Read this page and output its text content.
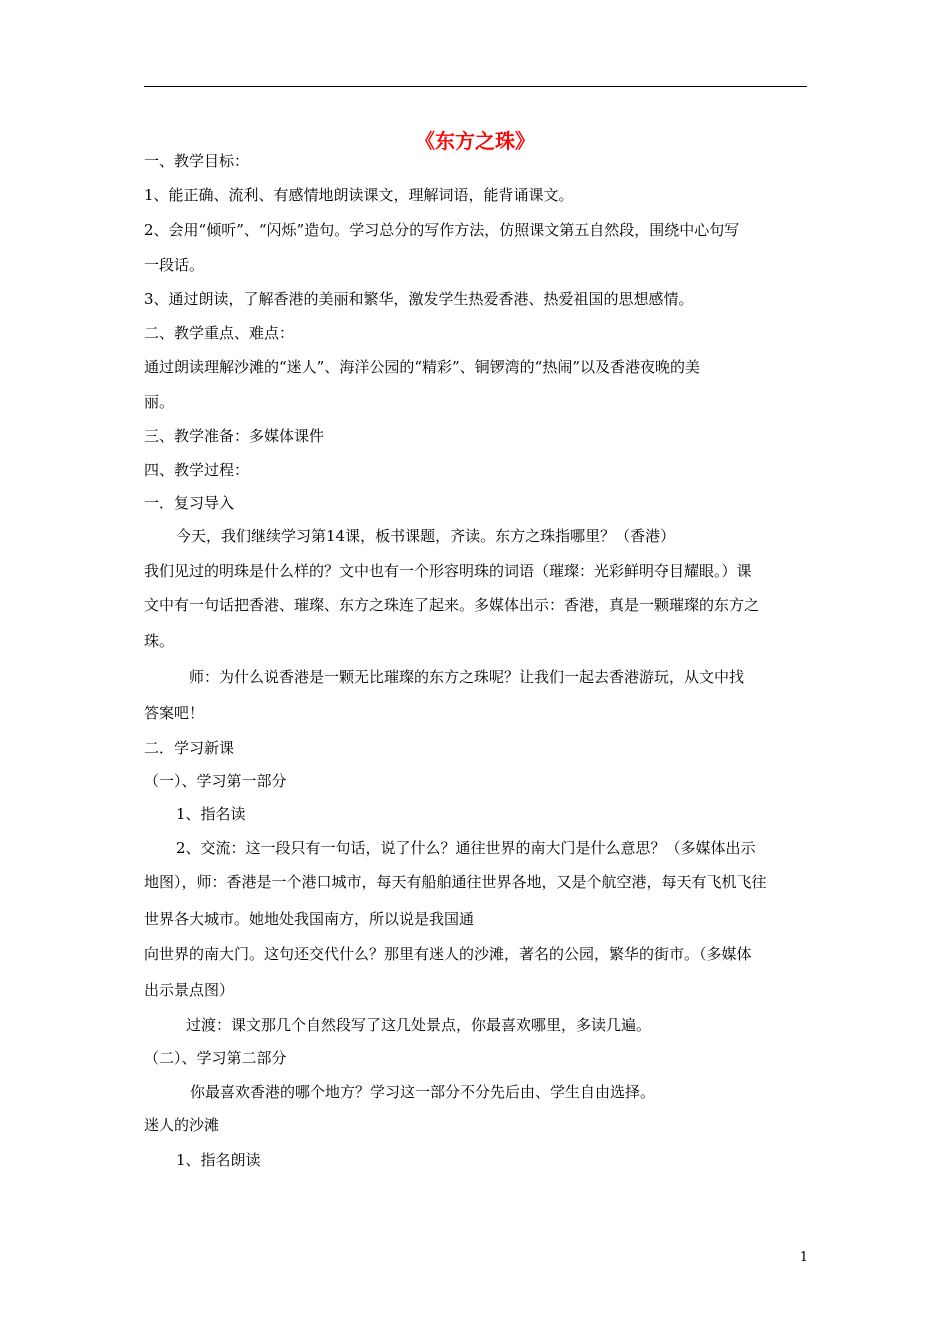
《东方之珠》
一、教学目标：
1、能正确、流利、有感情地朗读课文，理解词语，能背诵课文。
2、会用“倾听”、“闪烁”造句。学习总分的写作方法，仿照课文第五自然段，围绕中心句写
一段话。
3、通过朗读，了解香港的美丽和繁华，激发学生热爱香港、热爱祖国的思想感情。
二、教学重点、难点：
通过朗读理解沙滩的“迷人”、海洋公园的“精彩”、铜锣湾的“热闹”以及香港夜晚的美
丽。
三、教学准备：多媒体课件
四、教学过程：
一．复习导入
今天，我们继续学习第14课，板书课题，齐读。东方之珠指哪里？（香港）
我们见过的明珠是什么样的？文中也有一个形容明珠的词语（璀璨：光彩鲜明夺目耀眼。）课
文中有一句话把香港、璀璨、东方之珠连了起来。多媒体出示：香港，真是一颗璀璨的东方之
珠。
师：为什么说香港是一颗无比璀璨的东方之珠呢？让我们一起去香港游玩，从文中找
答案吧！
二．学习新课
（一）、学习第一部分
1、指名读
2、交流：这一段只有一句话，说了什么？通往世界的南大门是什么意思？（多媒体出示
地图），师：香港是一个港口城市，每天有船舶通往世界各地，又是个航空港，每天有飞机飞往
世界各大城市。她地处我国南方，所以说是我国通
向世界的南大门。这句还交代什么？那里有迷人的沙滩，著名的公园，繁华的街市。（多媒体
出示景点图）
过渡：课文那几个自然段写了这几处景点，你最喜欢哪里，多读几遍。
（二）、学习第二部分
你最喜欢香港的哪个地方？学习这一部分不分先后由、学生自由选择。
迷人的沙滩
1、指名朗读
1
